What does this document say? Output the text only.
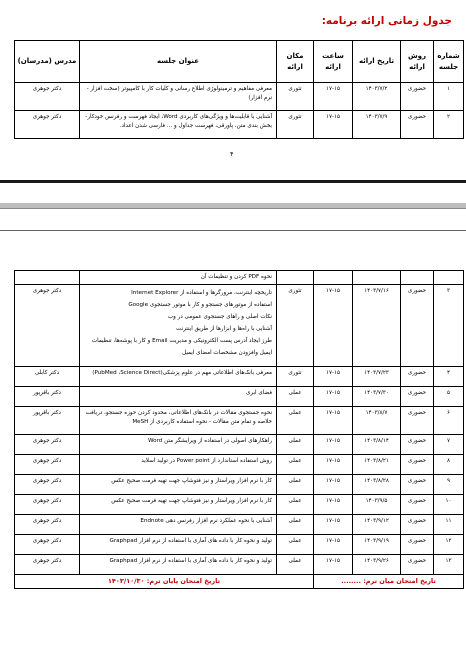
جدول زمانی ارائه برنامه:
شماره جلسه	روش ارائه	تاریخ ارائه	ساعت ارائه	مکان ارائه	عنوان جلسه	مدرس (مدرسان)
۱	حضوری	۱۴۰۳/۷/۲	۱۷-۱۵	تئوری	معرفی مفاهیم و ترمینولوژی اطلاع رسانی و کلیات کار با کامپیوتر (سخت افزار - نرم افزار)	دکتر جوهری
۲	حضوری	۱۴۰۳/۷/۹	۱۷-۱۵	تئوری	آشنایی با قابلیت‌ها و ویژگی‌های کاربردی Word، ایجاد فهرست و رفرنس خودکار-بخش بندی متن، پاورقی، فهرست جداول و ... فارسی شدن اعداد.	دکتر جوهری
۴

					نحوه PDF کردن و تنظیمات آن	

۳	حضوری	۱۴۰۳/۷/۱۶	۱۷-۱۵	تئوری	تاریخچه اینترنت، مرورگرها و استفاده از Internet Explorer
استفاده از موتورهای جستجو و کار با موتور جستجوی Google
نکات اصلی و راهای جستجوی عمومی در وب
آشنایی با راه‌ها و ابزارها از طریق اینترنت
طرز ایجاد آدرس پست الکترونیکی و مدیریت Email و کار با پوشه‌ها، تنظیمات ایمیل وافزودن مشخصات امضای ایمیل	دکتر جوهری
۴	حضوری	۱۴۰۳/۷/۲۳	۱۷-۱۵	تئوری	معرفی بانک‌های اطلاعاتی مهم در علوم پزشکی(PubMed ،Science Direct)	دکتر کابلی
۵	حضوری	۱۴۰۳/۷/۳۰	۱۷-۱۵	عملی	فضای ابری	دکتر باقرپور
۶	حضوری	۱۴۰۳/۸/۷	۱۷-۱۵	عملی	نحوه جستجوی مقالات در بانک‌های اطلاعاتی، محدود کردن حوزه جستجو، دریافت خلاصه و تمام متن مقالات - نحوه استفاده کاربردی از MeSH	دکتر باقرپور
۷	حضوری	۱۴۰۳/۸/۱۴	۱۷-۱۵	عملی	راهکارهای اصولی در استفاده از ویرایشگر متن Word	دکتر جوهری
۸	حضوری	۱۴۰۳/۸/۲۱	۱۷-۱۵	عملی	روش استفاده استاندارد از Power point در تولید اسلاید	دکتر جوهری
۹	حضوری	۱۴۰۳/۸/۲۸	۱۷-۱۵	عملی	کار با نرم افزار ویراستار و نیز فتوشاپ جهت تهیه فرمت صحیح عکس	دکتر جوهری
۱۰	حضوری	۱۴۰۳/۹/۵	۱۷-۱۵	عملی	کار با نرم افزار ویراستار و نیز فتوشاپ جهت تهیه فرمت صحیح عکس	دکتر جوهری
۱۱	حضوری	۱۴۰۳/۹/۱۲	۱۷-۱۵	عملی	آشنایی با نحوه عملکرد نرم افزار رفرنس دهی Endnote	دکتر جوهری
۱۲	حضوری	۱۴۰۳/۹/۱۹	۱۷-۱۵	عملی	تولید و نحوه کار با داده های آماری با استفاده از نرم افزار Graphpad	دکتر جوهری
۱۳	حضوری	۱۴۰۳/۹/۲۶	۱۷-۱۵	عملی	تولید و نحوه کار با داده های آماری با استفاده از نرم افزار Graphpad	دکتر جوهری
تاریخ امتحان میان ترم: ........				تاریخ امتحان پایان ترم: ۱۴۰۳/۱۰/۳۰		
